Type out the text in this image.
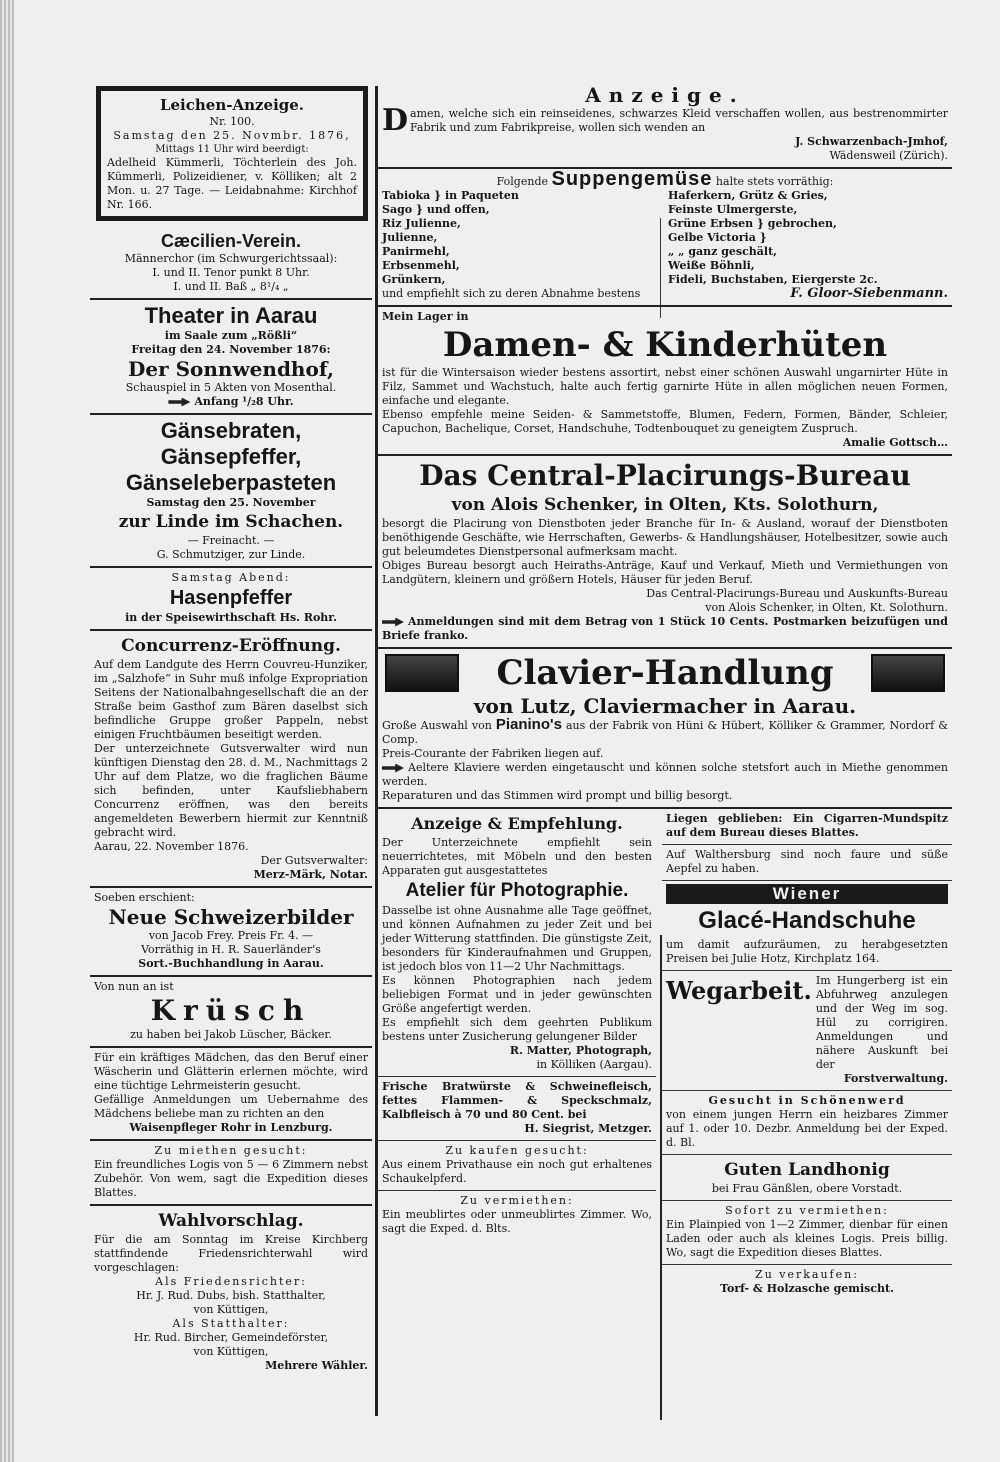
Leichen-Anzeige.
Nr. 100.
Samstag den 25. Novmbr. 1876,
Mittags 11 Uhr wird beerdigt:
Adelheid Kümmerli, Töchterlein des Joh. Kümmerli, Polizeidiener, v. Kölliken; alt 2 Mon. u. 27 Tage. — Leidabnahme: Kirchhof Nr. 166.
Cæcilien-Verein.
Männerchor (im Schwurgerichtssaal):
I. und II. Tenor punkt 8 Uhr.
I. und II. Baß „ 8¹/₄ „
Theater in Aarau
im Saale zum „Rößli“
Freitag den 24. November 1876:
Der Sonnwendhof,
Schauspiel in 5 Akten von Mosenthal.
Anfang ¹/₂8 Uhr.
Gänsebraten, Gänsepfeffer, Gänseleberpasteten
Samstag den 25. November
zur Linde im Schachen.
— Freinacht. —
G. Schmutziger, zur Linde.
Samstag Abend:
Hasenpfeffer
in der Speisewirthschaft Hs. Rohr.
Concurrenz-Eröffnung.
Auf dem Landgute des Herrn Couvreu-Hunziker, im „Salzhofe“ in Suhr muß infolge Expropriation Seitens der Nationalbahngesellschaft die an der Straße beim Gasthof zum Bären daselbst sich befindliche Gruppe großer Pappeln, nebst einigen Fruchtbäumen beseitigt werden.
Der unterzeichnete Gutsverwalter wird nun künftigen Dienstag den 28. d. M., Nachmittags 2 Uhr auf dem Platze, wo die fraglichen Bäume sich befinden, unter Kaufsliebhabern Concurrenz eröffnen, was den bereits angemeldeten Bewerbern hiermit zur Kenntniß gebracht wird.
Aarau, 22. November 1876.
Der Gutsverwalter:
Merz-Märk, Notar.
Soeben erschient:
Neue Schweizerbilder
von Jacob Frey. Preis Fr. 4. —
Vorräthig in H. R. Sauerländer's
Sort.-Buchhandlung in Aarau.
Von nun an ist
Krüsch
zu haben bei Jakob Lüscher, Bäcker.
Für ein kräftiges Mädchen, das den Beruf einer Wäscherin und Glätterin erlernen möchte, wird eine tüchtige Lehrmeisterin gesucht.
Gefällige Anmeldungen um Uebernahme des Mädchens beliebe man zu richten an den
Waisenpfleger Rohr in Lenzburg.
Zu miethen gesucht:
Ein freundliches Logis von 5 — 6 Zimmern nebst Zubehör. Von wem, sagt die Expedition dieses Blattes.
Wahlvorschlag.
Für die am Sonntag im Kreise Kirchberg stattfindende Friedensrichterwahl wird vorgeschlagen:
Als Friedensrichter:
Hr. J. Rud. Dubs, bish. Statthalter,
von Küttigen,
Als Statthalter:
Hr. Rud. Bircher, Gemeindeförster,
von Küttigen,
Mehrere Wähler.
Anzeige.
Damen, welche sich ein reinseidenes, schwarzes Kleid verschaffen wollen, aus bestrenommirter Fabrik und zum Fabrikpreise, wollen sich wenden an
J. Schwarzenbach-Jmhof,
Wädensweil (Zürich).
Folgende Suppengemüse halte stets vorräthig:
Tabioka } in Paqueten
Sago } und offen,
Riz Julienne,
Julienne,
Panirmehl,
Erbsenmehl,
Grünkern,
Haferkern, Grütz & Gries,
Feinste Ulmergerste,
Grüne Erbsen } gebrochen,
Gelbe Victoria }
„ „ ganz geschält,
Weiße Böhnli,
Fideli, Buchstaben, Eiergerste 2c.
und empfiehlt sich zu deren Abnahme bestens	F. Gloor-Siebenmann.
Mein Lager in
Damen- & Kinderhüten
ist für die Wintersaison wieder bestens assortirt, nebst einer schönen Auswahl ungarnirter Hüte in Filz, Sammet und Wachstuch, halte auch fertig garnirte Hüte in allen möglichen neuen Formen, einfache und elegante.
Ebenso empfehle meine Seiden- & Sammetstoffe, Blumen, Federn, Formen, Bänder, Schleier, Capuchon, Bachelique, Corset, Handschuhe, Todtenbouquet zu geneigtem Zuspruch.
Amalie Gottsch…
Das Central-Placirungs-Bureau
von Alois Schenker, in Olten, Kts. Solothurn,
besorgt die Placirung von Dienstboten jeder Branche für In- & Ausland, worauf der Dienstboten benöthigende Geschäfte, wie Herrschaften, Gewerbs- & Handlungshäuser, Hotelbesitzer, sowie auch gut beleumdetes Dienstpersonal aufmerksam macht.
Obiges Bureau besorgt auch Heiraths-Anträge, Kauf und Verkauf, Mieth und Vermiethungen von Landgütern, kleinern und größern Hotels, Häuser für jeden Beruf.
Das Central-Placirungs-Bureau und Auskunfts-Bureau
von Alois Schenker, in Olten, Kt. Solothurn.
Anmeldungen sind mit dem Betrag von 1 Stück 10 Cents. Postmarken beizufügen und Briefe franko.
Clavier-Handlung
von Lutz, Claviermacher in Aarau.
Große Auswahl von Pianino's aus der Fabrik von Hüni & Hübert, Kölliker & Grammer, Nordorf & Comp.
Preis-Courante der Fabriken liegen auf.
Aeltere Klaviere werden eingetauscht und können solche stetsfort auch in Miethe genommen werden.
Reparaturen und das Stimmen wird prompt und billig besorgt.
Anzeige & Empfehlung.
Der Unterzeichnete empfiehlt sein neuerrichtetes, mit Möbeln und den besten Apparaten gut ausgestattetes
Atelier für Photographie.
Dasselbe ist ohne Ausnahme alle Tage geöffnet, und können Aufnahmen zu jeder Zeit und bei jeder Witterung stattfinden. Die günstigste Zeit, besonders für Kinderaufnahmen und Gruppen, ist jedoch blos von 11—2 Uhr Nachmittags.
Es können Photographien nach jedem beliebigen Format und in jeder gewünschten Größe angefertigt werden.
Es empfiehlt sich dem geehrten Publikum bestens unter Zusicherung gelungener Bilder
R. Matter, Photograph,
in Kölliken (Aargau).
Frische Bratwürste & Schweinefleisch, fettes Flammen- & Speckschmalz, Kalbfleisch à 70 und 80 Cent. bei
H. Siegrist, Metzger.
Zu kaufen gesucht:
Aus einem Privathause ein noch gut erhaltenes Schaukelpferd.
Zu vermiethen:
Ein meublirtes oder unmeublirtes Zimmer. Wo, sagt die Exped. d. Blts.
Liegen geblieben: Ein Cigarren-Mundspitz auf dem Bureau dieses Blattes.
Auf Walthersburg sind noch faure und süße Aepfel zu haben.
Wiener
Glacé-Handschuhe
um damit aufzuräumen, zu herabgesetzten Preisen bei Julie Hotz, Kirchplatz 164.
Wegarbeit. Im Hungerberg ist ein Abfuhrweg anzulegen und der Weg im sog. Hül zu corrigiren. Anmeldungen und nähere Auskunft bei der
Forstverwaltung.
Gesucht in Schönenwerd
von einem jungen Herrn ein heizbares Zimmer auf 1. oder 10. Dezbr. Anmeldung bei der Exped. d. Bl.
Guten Landhonig
bei Frau Gänßlen, obere Vorstadt.
Sofort zu vermiethen:
Ein Plainpied von 1—2 Zimmer, dienbar für einen Laden oder auch als kleines Logis. Preis billig. Wo, sagt die Expedition dieses Blattes.
Zu verkaufen:
Torf- & Holzasche gemischt.
